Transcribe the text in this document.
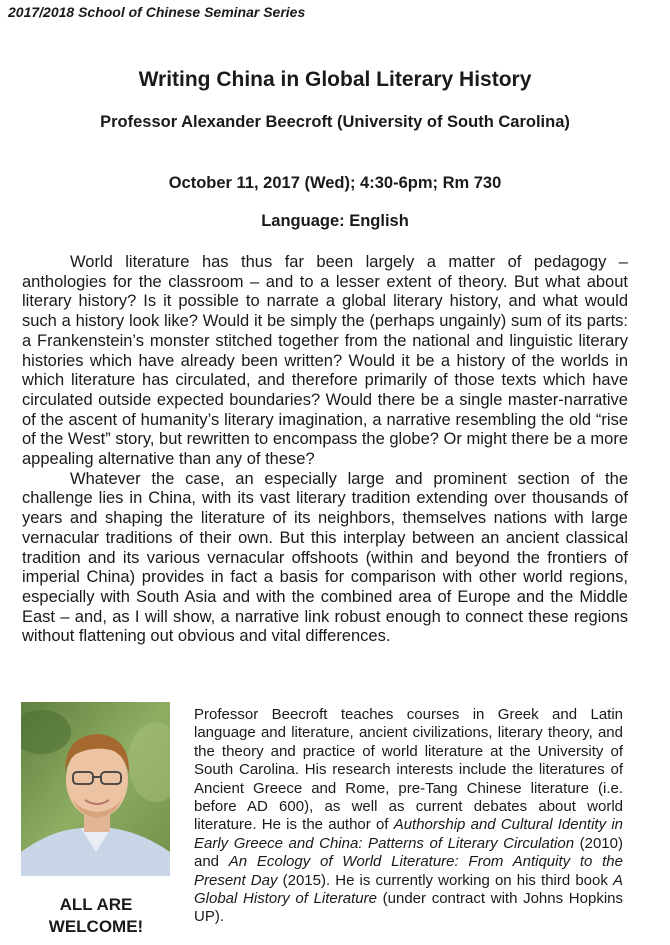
2017/2018 School of Chinese Seminar Series
Writing China in Global Literary History
Professor Alexander Beecroft (University of South Carolina)
October 11, 2017 (Wed); 4:30-6pm; Rm 730
Language: English

World literature has thus far been largely a matter of pedagogy – anthologies for the classroom – and to a lesser extent of theory. But what about literary history? Is it possible to narrate a global literary history, and what would such a history look like? Would it be simply the (perhaps ungainly) sum of its parts: a Frankenstein’s monster stitched together from the national and linguistic literary histories which have already been written? Would it be a history of the worlds in which literature has circulated, and therefore primarily of those texts which have circulated outside expected boundaries? Would there be a single master-narrative of the ascent of humanity’s literary imagination, a narrative resembling the old “rise of the West” story, but rewritten to encompass the globe? Or might there be a more appealing alternative than any of these?

Whatever the case, an especially large and prominent section of the challenge lies in China, with its vast literary tradition extending over thousands of years and shaping the literature of its neighbors, themselves nations with large vernacular traditions of their own. But this interplay between an ancient classical tradition and its various vernacular offshoots (within and beyond the frontiers of imperial China) provides in fact a basis for comparison with other world regions, especially with South Asia and with the combined area of Europe and the Middle East – and, as I will show, a narrative link robust enough to connect these regions without flattening out obvious and vital differences.

ALL ARE
WELCOME!

Professor Beecroft teaches courses in Greek and Latin language and literature, ancient civilizations, literary theory, and the theory and practice of world literature at the University of South Carolina. His research interests include the literatures of Ancient Greece and Rome, pre-Tang Chinese literature (i.e. before AD 600), as well as current debates about world literature. He is the author of Authorship and Cultural Identity in Early Greece and China: Patterns of Literary Circulation (2010) and An Ecology of World Literature: From Antiquity to the Present Day (2015). He is currently working on his third book A Global History of Literature (under contract with Johns Hopkins UP).
